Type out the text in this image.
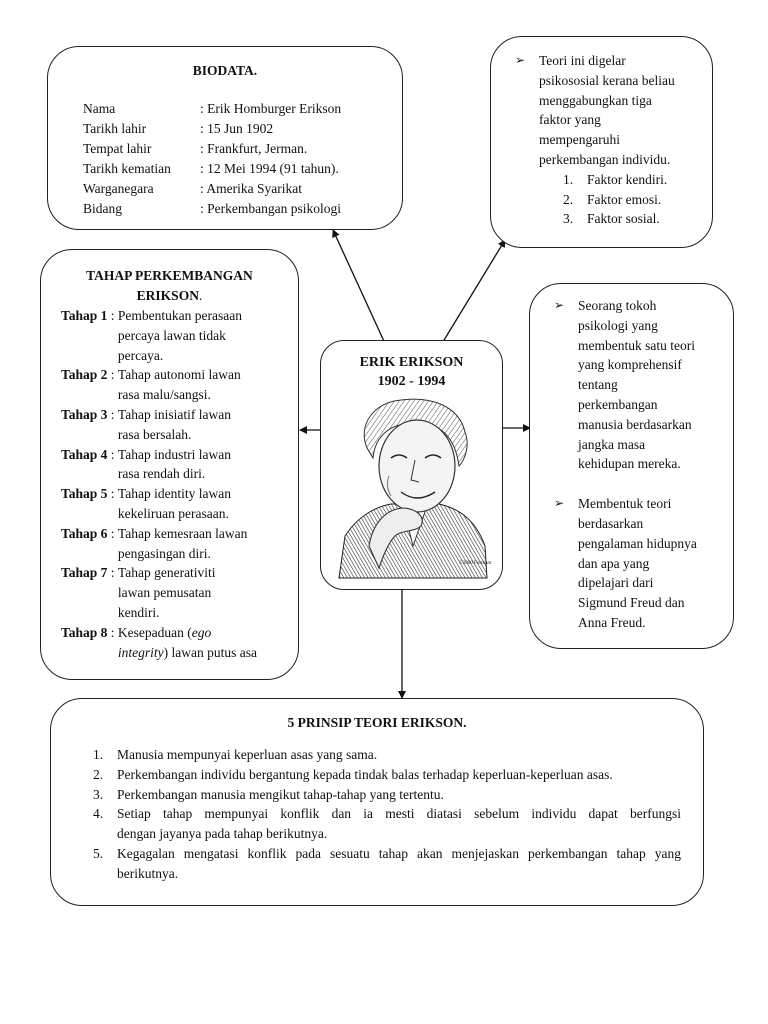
BIODATA.
Nama	: Erik Homburger Erikson
Tarikh lahir	: 15 Jun 1902
Tempat lahir	: Frankfurt, Jerman.
Tarikh kematian	: 12 Mei 1994 (91 tahun).
Warganegara	: Amerika Syarikat
Bidang	: Perkembangan psikologi
➢ Teori ini digelar
psikososial kerana beliau
menggabungkan tiga
faktor yang
mempengaruhi
perkembangan individu.
1. Faktor kendiri.
2. Faktor emosi.
3. Faktor sosial.
TAHAP PERKEMBANGAN
ERIKSON.
Tahap 1 : Pembentukan perasaan
percaya lawan tidak
percaya.
Tahap 2 : Tahap autonomi lawan
rasa malu/sangsi.
Tahap 3 : Tahap inisiatif lawan
rasa bersalah.
Tahap 4 : Tahap industri lawan
rasa rendah diri.
Tahap 5 : Tahap identity lawan
kekeliruan perasaan.
Tahap 6 : Tahap kemesraan lawan
pengasingan diri.
Tahap 7 : Tahap generativiti
lawan pemusatan
kendiri.
Tahap 8 : Kesepaduan (ego
integrity) lawan putus asa
ERIK ERIKSON
1902 - 1994
©2000 Fortliam
➢ Seorang tokoh
psikologi yang
membentuk satu teori
yang komprehensif
tentang
perkembangan
manusia berdasarkan
jangka masa
kehidupan mereka.
➢ Membentuk teori
berdasarkan
pengalaman hidupnya
dan apa yang
dipelajari dari
Sigmund Freud dan
Anna Freud.
5 PRINSIP TEORI ERIKSON.
1. Manusia mempunyai keperluan asas yang sama.
2. Perkembangan individu bergantung kepada tindak balas terhadap keperluan-keperluan asas.
3. Perkembangan manusia mengikut tahap-tahap yang tertentu.
4. Setiap tahap mempunyai konflik dan ia mesti diatasi sebelum individu dapat berfungsi
dengan jayanya pada tahap berikutnya.
5. Kegagalan mengatasi konflik pada sesuatu tahap akan menjejaskan perkembangan tahap yang
berikutnya.
